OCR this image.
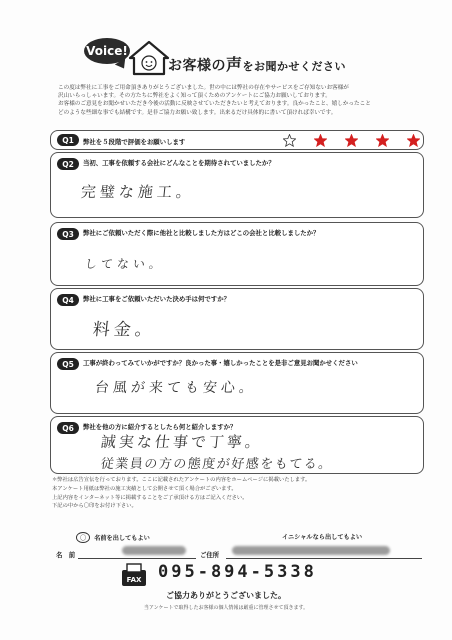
Voice!
お客様の声をお聞かせください
この度は弊社に工事をご用命頂きありがとうございました。世の中には弊社の存在やサービスをご存知ないお客様が
沢山いらっしゃいます。その方たちに弊社をよく知って頂くためのアンケートにご協力お願いしております。
お客様のご意見をお聞かせいただき今後の活動に反映させていただきたいと考えております。良かったこと、嬉しかったこと
どのような些細な事でも結構です。是非ご協力お願い致します。出来るだけ具体的に書いて頂ければ幸いです。
Q1	弊社を５段階で評価をお願いします
Q2	当初、工事を依頼する会社にどんなことを期待されていましたか？
完璧な施工。
Q3	弊社にご依頼いただく際に他社と比較しました方はどこの会社と比較しましたか？
してない。
Q4	弊社に工事をご依頼いただいた決め手は何ですか？
料金。
Q5	工事が終わってみていかがですか？良かった事・嬉しかったことを是非ご意見お聞かせください
台風が来ても安心。
Q6	弊社を他の方に紹介するとしたら何と紹介しますか？
誠実な仕事で丁寧。
従業員の方の態度が好感をもてる。
＊弊社は広告宣伝を行っております。ここに記載されたアンケートの内容をホームページに掲載いたします。
本アンケート用紙は弊社の施工実績として公開させて頂く場合がございます。
上記内容をインターネット等に掲載することをご了承頂ける方はご記入ください。
下記の中から〇印をお付け下さい。
〇 名前を出してもよい	イニシャルなら出してもよい
名　前	ご住所
FAX 095-894-5338
ご協力ありがとうございました。
当アンケートで取得したお客様の個人情報は厳重に管理させて頂きます。
